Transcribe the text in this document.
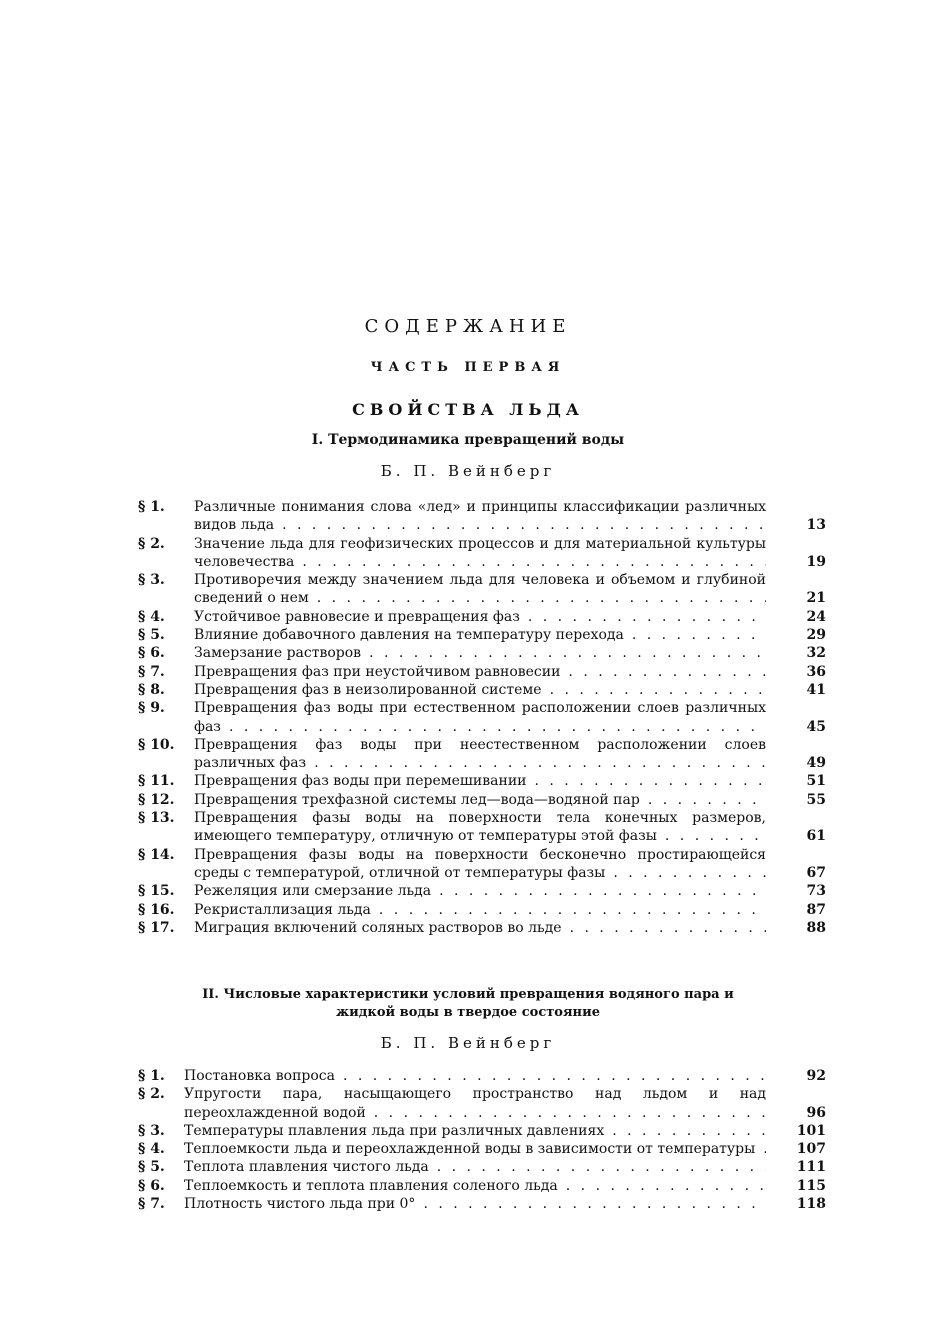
СОДЕРЖАНИЕ
ЧАСТЬ ПЕРВАЯ
СВОЙСТВА ЛЬДА
I. Термодинамика превращений воды
Б. П. Вейнберг
§ 1.	Различные понимания слова «лед» и принципы классификации различных видов льда . . .	13
§ 2.	Значение льда для геофизических процессов и для материальной культуры человечества . . .	19
§ 3.	Противоречия между значением льда для человека и объемом и глубиной сведений о нем . . .	21
§ 4.	Устойчивое равновесие и превращения фаз . . .	24
§ 5.	Влияние добавочного давления на температуру перехода . . .	29
§ 6.	Замерзание растворов . . .	32
§ 7.	Превращения фаз при неустойчивом равновесии . . .	36
§ 8.	Превращения фаз в неизолированной системе . . .	41
§ 9.	Превращения фаз воды при естественном расположении слоев различных фаз . . .	45
§ 10.	Превращения фаз воды при неестественном расположении слоев различных фаз . . .	49
§ 11.	Превращения фаз воды при перемешивании . . .	51
§ 12.	Превращения трехфазной системы лед—вода—водяной пар . . .	55
§ 13.	Превращения фазы воды на поверхности тела конечных размеров, имеющего температуру, отличную от температуры этой фазы . . .	61
§ 14.	Превращения фазы воды на поверхности бесконечно простирающейся среды с температурой, отличной от температуры фазы . . .	67
§ 15.	Режеляция или смерзание льда . . .	73
§ 16.	Рекристаллизация льда . . .	87
§ 17.	Миграция включений соляных растворов во льде . . .	88
II. Числовые характеристики условий превращения водяного пара и
жидкой воды в твердое состояние
Б. П. Вейнберг
§ 1.	Постановка вопроса . . .	92
§ 2.	Упругости пара, насыщающего пространство над льдом и над переохлажденной водой . . .	96
§ 3.	Температуры плавления льда при различных давлениях . . .	101
§ 4.	Теплоемкости льда и переохлажденной воды в зависимости от температуры . . .	107
§ 5.	Теплота плавления чистого льда . . .	111
§ 6.	Теплоемкость и теплота плавления соленого льда . . .	115
§ 7.	Плотность чистого льда при 0° . . .	118
